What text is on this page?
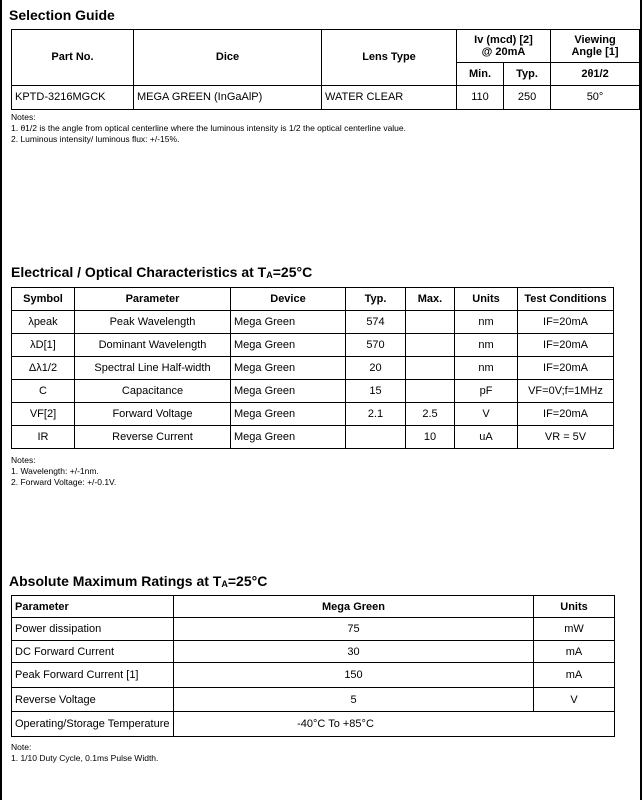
Selection Guide
Part No.	Dice	Lens Type	Iv (mcd) [2] @ 20mA		Viewing Angle [1]
			Min.	Typ.	2θ1/2
KPTD-3216MGCK	MEGA GREEN (InGaAlP)	WATER CLEAR	110	250	50°
Notes:
1. θ1/2 is the angle from optical centerline where the luminous intensity is 1/2 the optical centerline value.
2. Luminous intensity/ luminous flux: +/-15%.
Electrical / Optical Characteristics at $T_A=25^\circ C$
Symbol	Parameter	Device	Typ.	Max.	Units	Test Conditions
λpeak	Peak Wavelength	Mega Green	574		nm	IF=20mA
λD[1]	Dominant Wavelength	Mega Green	570		nm	IF=20mA
Δλ1/2	Spectral Line Half-width	Mega Green	20		nm	IF=20mA
C	Capacitance	Mega Green	15		pF	VF=0V;f=1MHz
VF[2]	Forward Voltage	Mega Green	2.1	2.5	V	IF=20mA
IR	Reverse Current	Mega Green		10	uA	VR = 5V
Notes:
1. Wavelength: +/-1nm.
2. Forward Voltage: +/-0.1V.
Absolute Maximum Ratings at $T_A=25^\circ C$
Parameter	Mega Green	Units
Power dissipation	75	mW
DC Forward Current	30	mA
Peak Forward Current [1]	150	mA
Reverse Voltage	5	V
Operating/Storage Temperature	-40°C To +85°C	
Note:
1. 1/10 Duty Cycle, 0.1ms Pulse Width.
